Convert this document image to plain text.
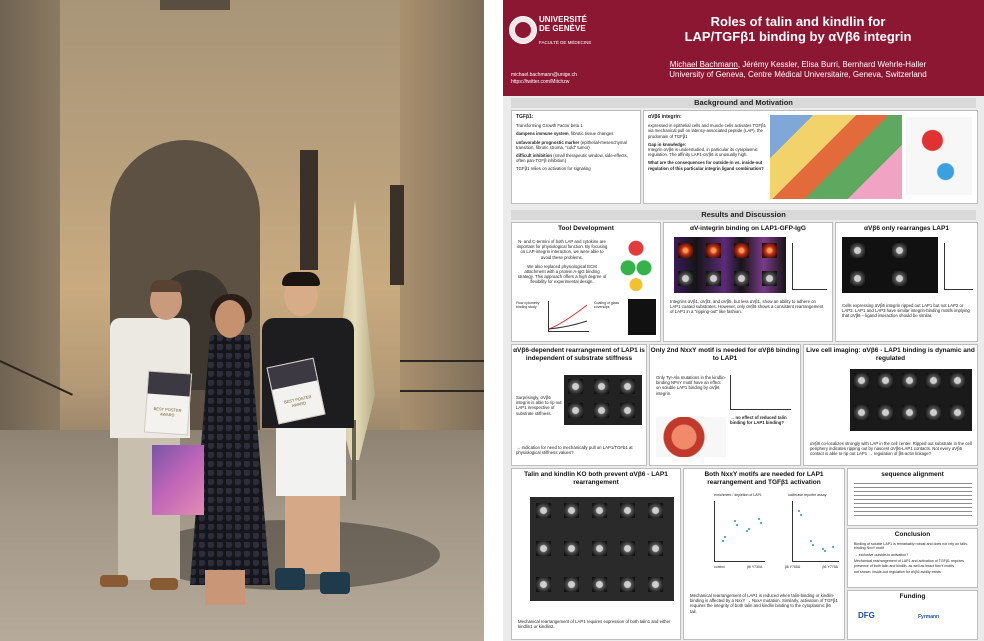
BEST POSTER AWARD
BEST POSTER AWARD
UNIVERSITÉ DE GENÈVE
FACULTÉ DE MÉDECINE
michael.bachmann@unige.ch
https://twitter.com/Mitchzw
Roles of talin and kindlin for
LAP/TGFβ1 binding by αVβ6 integrin
Michael Bachmann, Jérémy Kessler, Elisa Burri, Bernhard Wehrle-Haller
University of Geneva, Centre Médical Universitaire, Geneva, Switzerland
Background and Motivation
TGFβ1:
Transforming Growth Factor beta 1
dampens immune system, fibrotic tissue changes
unfavorable prognostic marker (epithelial-mesenchymal transition, fibrotic stroma, "cold" tumor)
difficult inhibition (small therapeutic window, side-effects, often pan-TGFβ inhibition)
TGFβ1 relies on activation for signaling
αVβ6 integrin:
expressed in epithelial cells and muscle cells activates TGFβ1 via mechanical pull on latency-associated peptide (LAP), the prodomain of TGFβ1
Gap in knowledge:
Integrin αVβ6 is understudied, in particular its cytoplasmic regulation. The affinity LAP1-αVβ6 is unusually high.
What are the consequences for outside-in vs. inside-out regulation of this particular integrin ligand combination?
Results and Discussion
Tool Development
N- and C-termini of both LAP and cytokine are important for physiological function. By focusing on LAP-integrin interaction, we were able to avoid these problems.
We also replaced physiological ECM attachment with a protein A-IgG binding strategy. This approach offers a high degree of flexibility for experimental design.
Flow cytometry binding study
Coating of glass coverslips
αV-integrin binding on LAP1-GFP-IgG
Integrins αVβ1, αVβ3, and αVβ5, but less αVβ1, show an ability to adhere on LAP1 coated substrates. However, only αVβ6 shows a consistent rearrangement of LAP1 in a "ripping-out" like fashion.
αVβ6 only rearranges LAP1
Cells expressing αVβ6 integrin ripped out LAP1 but not LAP2 or LAP3. LAP1 and LAP3 have similar integrin-binding motifs implying that αVβ6 – ligand interaction should be similar.
αVβ6-dependent rearrangement of LAP1 is independent of substrate stiffness
Surprisingly, αVβ6 integrin is able to rip out LAP1 irrespective of substrate stiffness.
→ Indication for need to mechanically pull on LAP1/TGFb1 at physiological stiffness values?
Only 2nd NxxY motif is needed for αVβ6 binding to LAP1
Only Tyr-Ala mutations in the kindlin-binding NPxY motif have an effect on soluble LAP1 binding by αVβ6 integrin.
→ no effect of reduced talin binding for LAP1 binding?
Live cell imaging: αVβ6 - LAP1 binding is dynamic and regulated
αVβ6 co-localizes strongly with LAP in the cell center. Ripped out substrate in the cell periphery indicates ripping out by nascent αVβ6-LAP1 contacts. Not every αVβ6 contact is able to rip out LAP1 → regulation of β6-actin linkage?
Talin and kindlin KO both prevent αVβ6 - LAP1 rearrangement
Mechanical rearrangement of LAP1 requires expression of both talin1 and either kindlin1 or kindlin2.
Both NxxY motifs are needed for LAP1 rearrangement and TGFβ1 activation
enrichment / depletion of LAP1	luciferase reporter assay
control	β6 Y730A	β6 Y765A	β6 Y775A
Mechanical rearrangement of LAP1 is reduced when talin-binding or kindlin-binding is affected by a NxxY → NxxA mutation. Similarly, activation of TGFβ1 requires the integrity of both talin and kindlin binding to the cytoplasmic β6 tail.
sequence alignment
Conclusion
Binding of soluble LAP1 is remarkably robust and does not rely on talin-binding NxxY motif
→ exclusive outside-in activation?
Mechanical rearrangement of LAP1 and activation of TGFβ1 requires presence of both talin and kindlin, as well as intact NxxY motifs
not shown: inside-out regulation for αVβ6 avidity exists
Funding
DFG	Fyrmann
